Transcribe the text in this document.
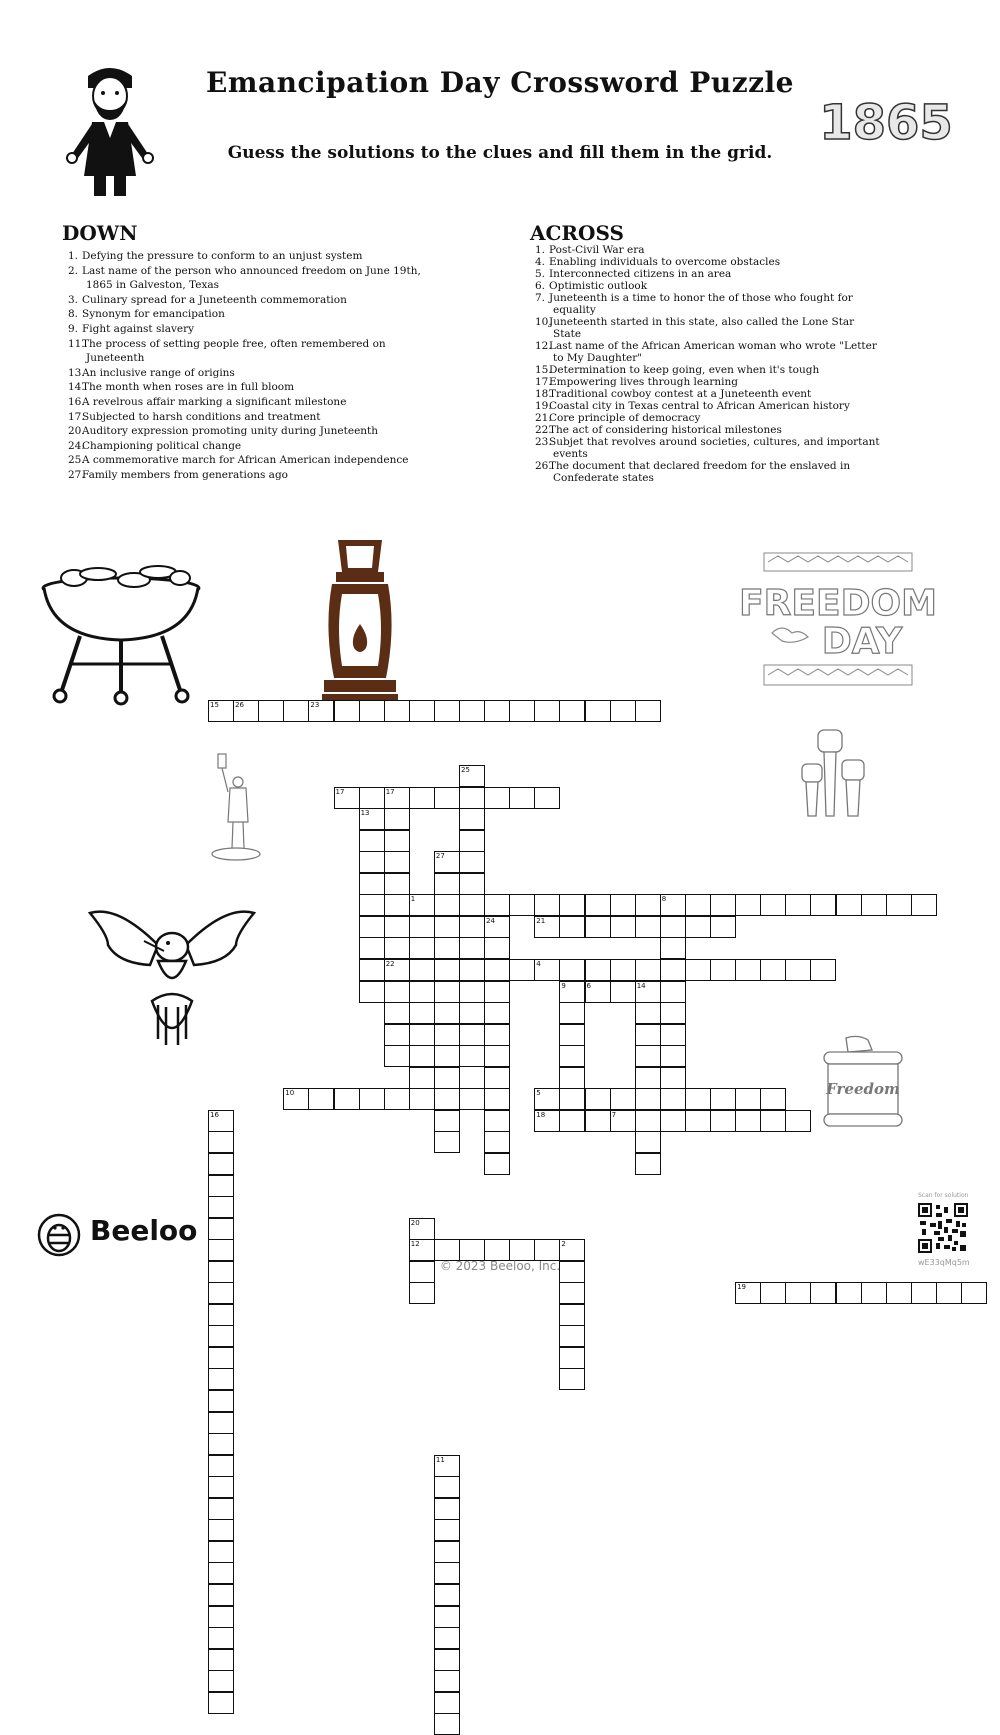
Emancipation Day Crossword Puzzle
Guess the solutions to the clues and fill them in the grid.
1865
DOWN
1. Defying the pressure to conform to an unjust system
2. Last name of the person who announced freedom on June 19th, 1865 in Galveston, Texas
3. Culinary spread for a Juneteenth commemoration
8. Synonym for emancipation
9. Fight against slavery
11.The process of setting people free, often remembered on Juneteenth
13.An inclusive range of origins
14.The month when roses are in full bloom
16.A revelrous affair marking a significant milestone
17.Subjected to harsh conditions and treatment
20.Auditory expression promoting unity during Juneteenth
24.Championing political change
25.A commemorative march for African American independence
27.Family members from generations ago
ACROSS
1. Post-Civil War era
4. Enabling individuals to overcome obstacles
5. Interconnected citizens in an area
6. Optimistic outlook
7. Juneteenth is a time to honor the of those who fought for equality
10.Juneteenth started in this state, also called the Lone Star State
12.Last name of the African American woman who wrote "Letter to My Daughter"
15.Determination to keep going, even when it's tough
17.Empowering lives through learning
18.Traditional cowboy contest at a Juneteenth event
19.Coastal city in Texas central to African American history
21.Core principle of democracy
22.The act of considering historical milestones
23.Subjet that revolves around societies, cultures, and important events
26.The document that declared freedom for the enslaved in Confederate states
FREEDOM
DAY
Freedom
1
4
5
6
7
10
12
15
17
18
19
21
22
23
26
2
24
8
9
11
13
14
16
17
20
25
27
Beeloo
© 2023 Beeloo, Inc.
Scan for solution
wE33qMq5m
